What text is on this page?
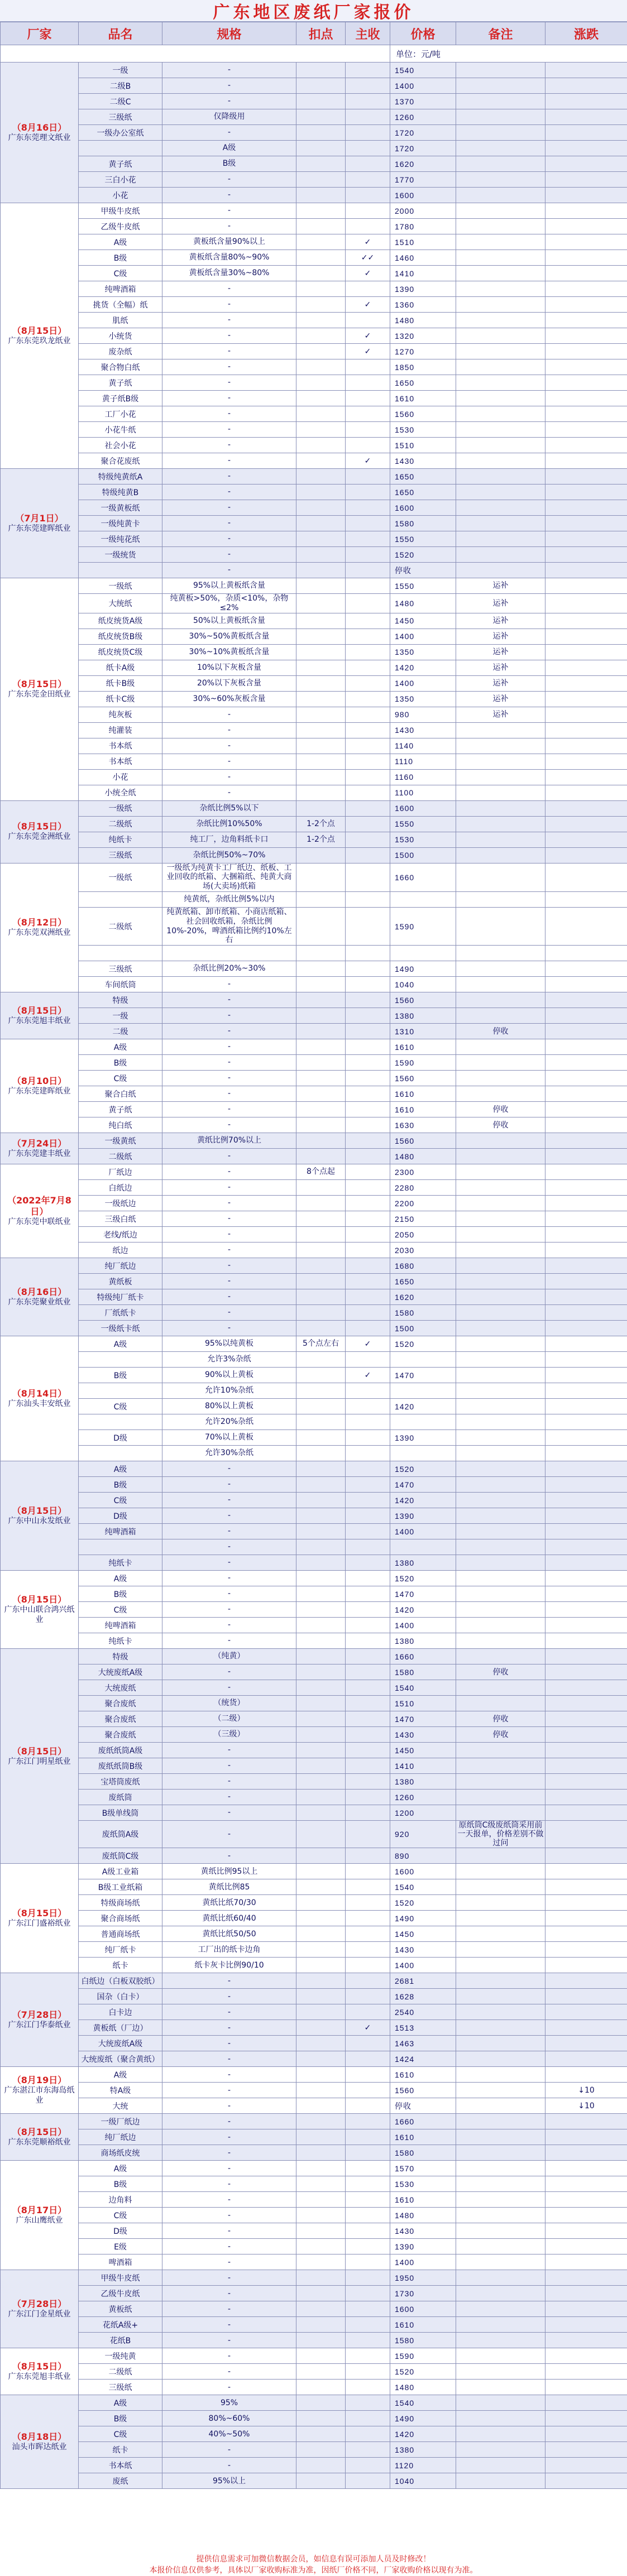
广东地区废纸厂家报价
厂家	品名	规格	扣点	主收	价格	备注	涨跌
					单位：元/吨		

（8月16日）
广东东莞理文纸业	一级	-			1540		
	二级B	-			1400		
	二级C	-			1370		
	三级纸	仅降级用			1260		
	一级办公室纸	-			1720		
		A级			1720		
	黄子纸	B级			1620		
	三白小花	-			1770		
	小花	-			1600		

（8月15日）
广东东莞玖龙纸业	甲级牛皮纸	-			2000		
	乙级牛皮纸	-			1780		
	A级	黄板纸含量90%以上		✓	1510		
	B级	黄板纸含量80%~90%		✓✓	1460		
	C级	黄板纸含量30%~80%		✓	1410		
	纯啤酒箱	-			1390		
	挑货（全幅）纸	-		✓	1360		
	肌纸	-			1480		
	小统货	-		✓	1320		
	废杂纸	-		✓	1270		
	聚合物白纸	-			1850		
	黄子纸	-			1650		
	黄子纸B级	-			1610		
	工厂小花	-			1560		
	小花牛纸	-			1530		
	社会小花	-			1510		
	聚合花废纸	-		✓	1430		

（7月1日）
广东东莞建晖纸业	特级纯黄纸A	-			1650		
	特级纯黄B	-			1650		
	一级黄板纸	-			1600		
	一级纯黄卡	-			1580		
	一级纯花纸	-			1550		
	一级统货	-			1520		
		-			停收		

（8月15日）
广东东莞金田纸业	一级纸	95%以上黄板纸含量			1550	运补	
	大统纸	纯黄板>50%，杂质<10%，杂物≤2%			1480	运补	
	纸皮统货A级	50%以上黄板纸含量			1450	运补	
	纸皮统货B级	30%~50%黄板纸含量			1400	运补	
	纸皮统货C级	30%~10%黄板纸含量			1350	运补	
	纸卡A级	10%以下灰板含量			1420	运补	
	纸卡B级	20%以下灰板含量			1400	运补	
	纸卡C级	30%~60%灰板含量			1350	运补	
	纯灰板	-			980	运补	
	纯灌装	-			1430		
	书本纸	-			1140		
	书本纸	-			1110		
	小花	-			1160		
	小统全纸	-			1100		

（8月15日）
广东东莞金洲纸业	一级纸	杂纸比例5%以下			1600		
	二级纸	杂纸比例10%50%	1-2个点		1550		
	纯纸卡	纯工厂，边角料纸卡口	1-2个点		1530		
	三级纸	杂纸比例50%~70%			1500		

（8月12日）
广东东莞双洲纸业	一级纸	一级纸为纯黄卡工厂纸边、纸板、工业回收的纸箱、大捆箱纸、纯黄大商场(大卖场)纸箱			1660		
		纯黄纸，杂纸比例5%以内					
	二级纸	纯黄纸箱、卸市纸箱、小商店纸箱、社会回收纸箱，杂纸比例10%-20%，啤酒纸箱比例约10%左右			1590		

	三级纸	杂纸比例20%~30%			1490		
	车间纸筒	-			1040		

（8月15日）
广东东莞旭丰纸业	特级	-			1560		
	一级	-			1380		
	二级	-			1310	停收	

（8月10日）
广东东莞建晖纸业	A级	-			1610		
	B级	-			1590		
	C级	-			1560		
	聚合白纸	-			1610		
	黄子纸	-			1610	停收	
	纯白纸	-			1630	停收	

（7月24日）
广东东莞建丰纸业	一级黄纸	黄纸比例70%以上			1560		
	二级纸	-			1480		

（2022年7月8日）
广东东莞中联纸业	厂纸边	-	8个点起		2300		
	白纸边	-			2280		
	一级纸边	-			2200		
	三级白纸	-			2150		
	老线/纸边	-			2050		
	纸边	-			2030		

（8月16日）
广东东莞聚业纸业	纯厂纸边	-			1680		
	黄纸板	-			1650		
	特级纯厂纸卡	-			1620		
	厂纸纸卡	-			1580		
	一级纸卡纸	-			1500		

（8月14日）
广东汕头丰安纸业	A级	95%以纯黄板	5个点左右	✓	1520		
		允许3%杂纸					
	B级	90%以上黄板		✓	1470		
		允许10%杂纸					
	C级	80%以上黄板			1420		
		允许20%杂纸					
	D级	70%以上黄板			1390		
		允许30%杂纸					

（8月15日）
广东中山永发纸业	A级	-			1520		
	B级	-			1470		
	C级	-			1420		
	D级	-			1390		
	纯啤酒箱	-			1400		
		-					
	纯纸卡	-			1380		

（8月15日）
广东中山联合鸿兴纸业	A级	-			1520		
	B级	-			1470		
	C级	-			1420		
	纯啤酒箱	-			1400		
	纯纸卡	-			1380		

（8月15日）
广东江门明星纸业	特级	（纯黄）			1660		
	大统废纸A级	-			1580	停收	
	大统废纸	-			1540		
	聚合废纸	（统货）			1510		
	聚合废纸	（二级）			1470	停收	
	聚合废纸	（三级）			1430	停收	
	废纸纸筒A级	-			1450		
	废纸纸筒B级	-			1410		
	宝塔筒废纸	-			1380		
	废纸筒	-			1260		
	B级单线筒	-			1200		
	废纸筒A级	-			920	原纸筒C级废纸筒采用前一天报单，价格差别不做过问	
	废纸筒C级	-			890		

（8月15日）
广东江门盛裕纸业	A级工业箱	黄纸比例95以上			1600		
	B级工业纸箱	黄纸比例85			1540		
	特级商场纸	黄纸比纸70/30			1520		
	聚合商场纸	黄纸比纸60/40			1490		
	普通商场纸	黄纸比纸50/50			1450		
	纯厂纸卡	工厂出的纸卡边角			1430		
	纸卡	纸卡灰卡比例90/10			1400		

（7月28日）
广东江门华泰纸业	白纸边（白板双胶纸）	-			2681		
	国杂（白卡）	-			1628		
	白卡边	-			2540		
	黄板纸（厂边）	-		✓	1513		
	大统废纸A级	-			1463		
	大统废纸（聚合黄纸）	-			1424		

（8月19日）
广东湛江市东海岛纸业	A级	-			1610		
	特A级	-			1560		↓10
	大统	-			停收		↓10

（8月15日）
广东东莞顺裕纸业	一级厂纸边	-			1660		
	纯厂纸边	-			1610		
	商场纸皮统	-			1580		

（8月17日）
广东山鹰纸业	A级	-			1570		
	B级	-			1530		
	边角料	-			1610		
	C级	-			1480		
	D级	-			1430		
	E级	-			1390		
	啤酒箱	-			1400		

（7月28日）
广东江门金星纸业	甲级牛皮纸	-			1950		
	乙级牛皮纸	-			1730		
	黄板纸	-			1600		
	花纸A级+	-			1610		
	花纸B	-			1580		

（8月15日）
广东东莞旭丰纸业	一级纯黄	-			1590		
	二级纸	-			1520		
	三级纸	-			1480		

（8月18日）
汕头市晖达纸业	A级	95%			1540		
	B级	80%~60%			1490		
	C级	40%~50%			1420		
	纸卡	-			1380		
	书本纸	-			1120		
	废纸	95%以上			1040		
提供信息需求可加微信数据会员，如信息有误可添加人员及时修改！
本报价信息仅供参考，具体以厂家收购标准为准，因纸厂价格不同，厂家收购价格以现有为准。
